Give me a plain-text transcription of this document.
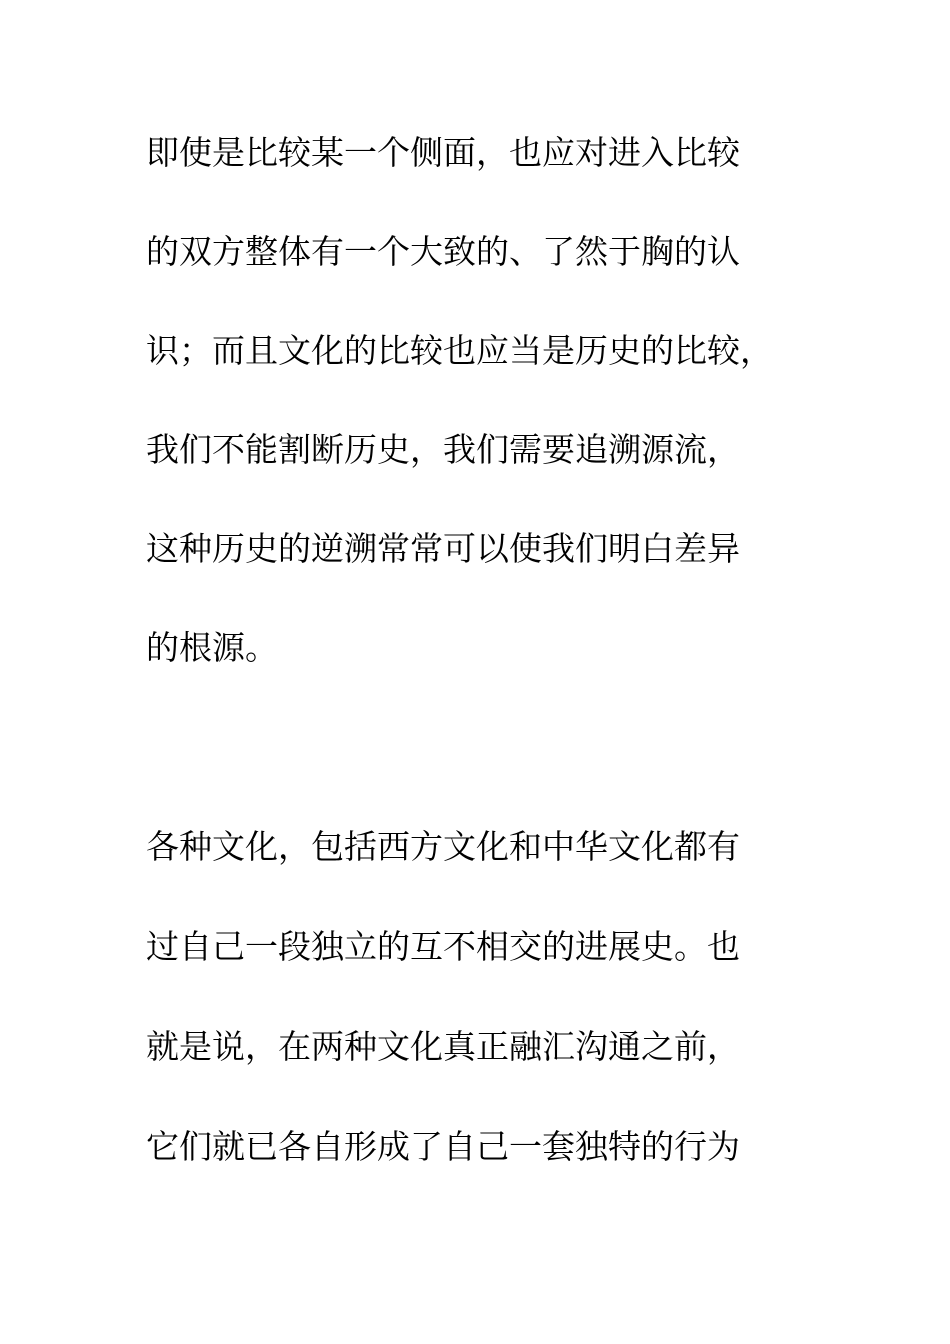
即使是比较某一个侧面，也应对进入比较
的双方整体有一个大致的、了然于胸的认
识；而且文化的比较也应当是历史的比较，
我们不能割断历史，我们需要追溯源流，
这种历史的逆溯常常可以使我们明白差异
的根源。
各种文化，包括西方文化和中华文化都有
过自己一段独立的互不相交的进展史。也
就是说，在两种文化真正融汇沟通之前，
它们就已各自形成了自己一套独特的行为
